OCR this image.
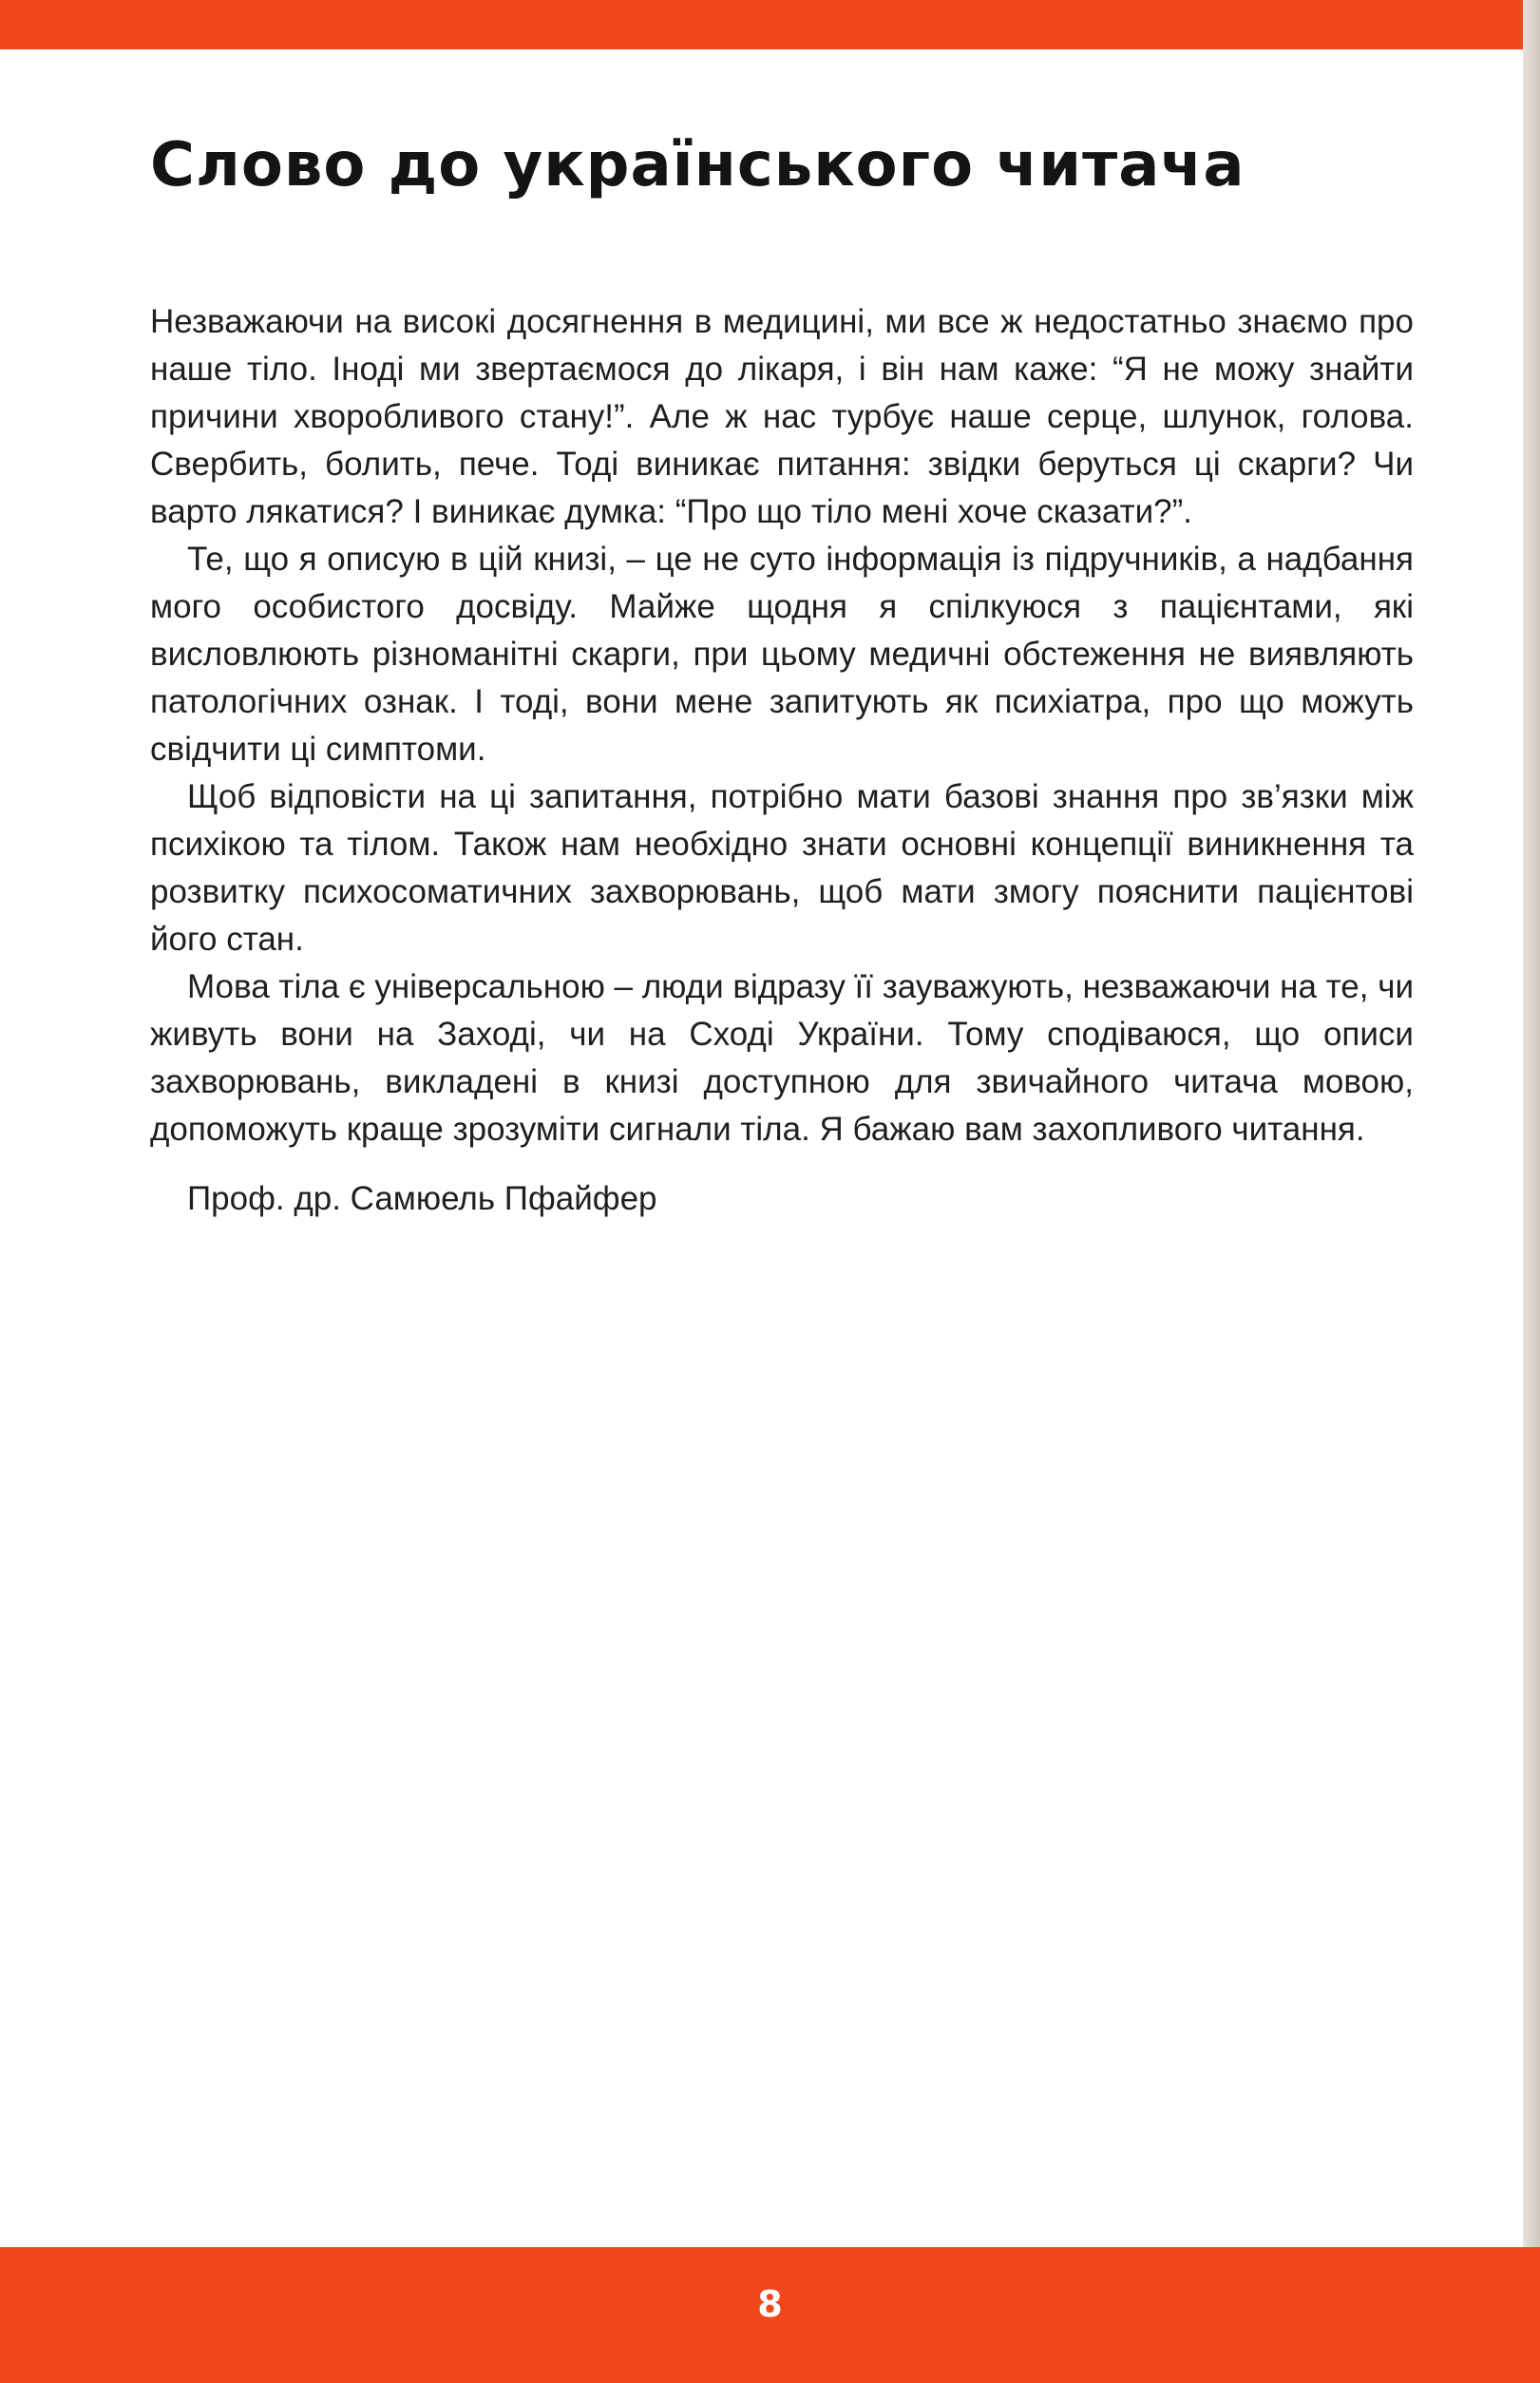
Слово до українського читача

Незважаючи на високі досягнення в медицині, ми все ж недостатньо знаємо про наше тіло. Іноді ми звертаємося до лікаря, і він нам каже: “Я не можу знайти причини хворобливого стану!”. Але ж нас турбує наше серце, шлунок, голова. Свербить, болить, пече. Тоді виникає питання: звідки беруться ці скарги? Чи варто лякатися? І виникає думка: “Про що тіло мені хоче сказати?”.

Те, що я описую в цій книзі, – це не суто інформація із підручників, а надбання мого особистого досвіду. Майже щодня я спілкуюся з пацієнтами, які висловлюють різноманітні скарги, при цьому медичні обстеження не виявляють патологічних ознак. І тоді, вони мене запитують як психіатра, про що можуть свідчити ці симптоми.

Щоб відповісти на ці запитання, потрібно мати базові знання про зв’язки між психікою та тілом. Також нам необхідно знати основні концепції виникнення та розвитку психосоматичних захворювань, щоб мати змогу пояснити пацієнтові його стан.

Мова тіла є універсальною – люди відразу її зауважують, незважаючи на те, чи живуть вони на Заході, чи на Сході України. Тому сподіваюся, що описи захворювань, викладені в книзі доступною для звичайного читача мовою, допоможуть краще зрозуміти сигнали тіла. Я бажаю вам захопливого читання.

Проф. др. Самюель Пфайфер

8
